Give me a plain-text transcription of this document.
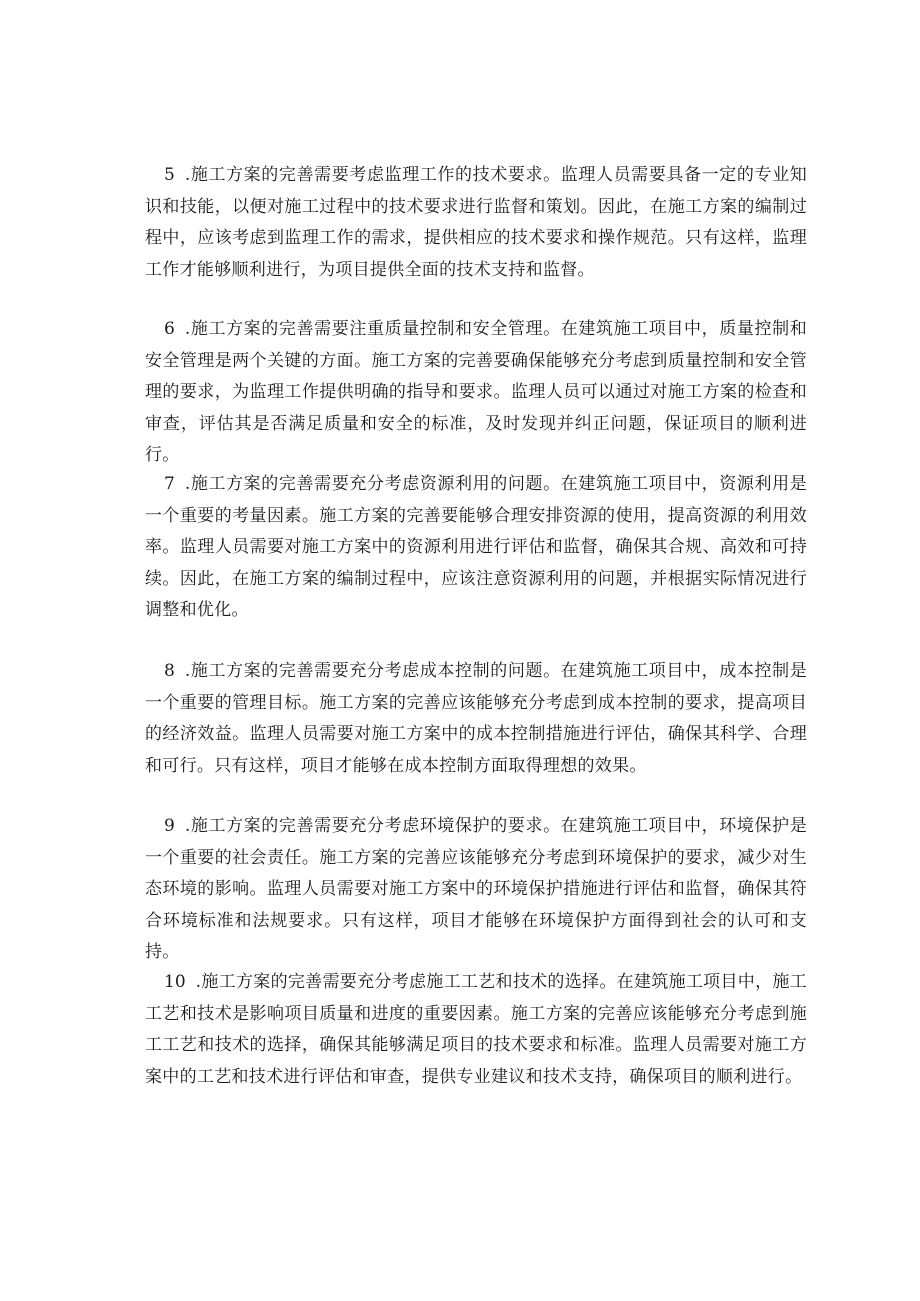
5 .施工方案的完善需要考虑监理工作的技术要求。监理人员需要具备一定的专业知识和技能，以便对施工过程中的技术要求进行监督和策划。因此，在施工方案的编制过程中，应该考虑到监理工作的需求，提供相应的技术要求和操作规范。只有这样，监理工作才能够顺利进行，为项目提供全面的技术支持和监督。

6 .施工方案的完善需要注重质量控制和安全管理。在建筑施工项目中，质量控制和安全管理是两个关键的方面。施工方案的完善要确保能够充分考虑到质量控制和安全管理的要求，为监理工作提供明确的指导和要求。监理人员可以通过对施工方案的检查和审查，评估其是否满足质量和安全的标准，及时发现并纠正问题，保证项目的顺利进行。

7 .施工方案的完善需要充分考虑资源利用的问题。在建筑施工项目中，资源利用是一个重要的考量因素。施工方案的完善要能够合理安排资源的使用，提高资源的利用效率。监理人员需要对施工方案中的资源利用进行评估和监督，确保其合规、高效和可持续。因此，在施工方案的编制过程中，应该注意资源利用的问题，并根据实际情况进行调整和优化。

8 .施工方案的完善需要充分考虑成本控制的问题。在建筑施工项目中，成本控制是一个重要的管理目标。施工方案的完善应该能够充分考虑到成本控制的要求，提高项目的经济效益。监理人员需要对施工方案中的成本控制措施进行评估，确保其科学、合理和可行。只有这样，项目才能够在成本控制方面取得理想的效果。

9 .施工方案的完善需要充分考虑环境保护的要求。在建筑施工项目中，环境保护是一个重要的社会责任。施工方案的完善应该能够充分考虑到环境保护的要求，减少对生态环境的影响。监理人员需要对施工方案中的环境保护措施进行评估和监督，确保其符合环境标准和法规要求。只有这样，项目才能够在环境保护方面得到社会的认可和支持。

10 .施工方案的完善需要充分考虑施工工艺和技术的选择。在建筑施工项目中，施工工艺和技术是影响项目质量和进度的重要因素。施工方案的完善应该能够充分考虑到施工工艺和技术的选择，确保其能够满足项目的技术要求和标准。监理人员需要对施工方案中的工艺和技术进行评估和审查，提供专业建议和技术支持，确保项目的顺利进行。
